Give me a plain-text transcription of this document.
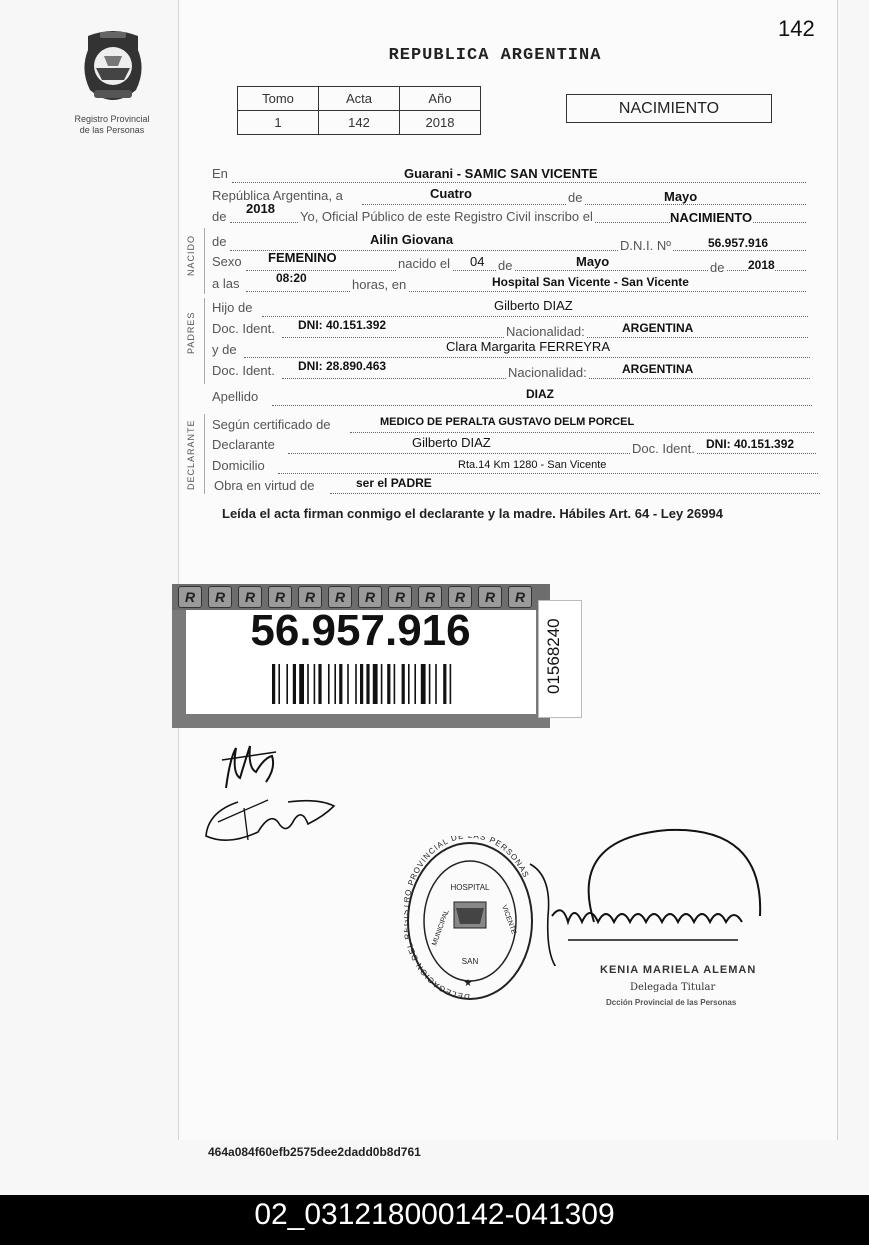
142
Registro Provincial
de las Personas
REPUBLICA ARGENTINA
Tomo	Acta	Año
1	142	2018
NACIMIENTO
NACIDO
PADRES
DECLARANTE
En	Guarani - SAMIC SAN VICENTE
República Argentina, a	Cuatro	de	Mayo
de
2018
Yo, Oficial Público de este Registro Civil inscribo el	NACIMIENTO
de	Ailin Giovana	D.N.I. Nº	56.957.916
Sexo FEMENINO	nacido el 04 de	Mayo	de 2018
a las	08:20	horas, en	Hospital San Vicente - San Vicente
Hijo de	Gilberto DIAZ
Doc. Ident. DNI: 40.151.392	Nacionalidad:	ARGENTINA
y de	Clara Margarita FERREYRA
Doc. Ident. DNI: 28.890.463	Nacionalidad:	ARGENTINA
Apellido	DIAZ
Según certificado de	MEDICO DE PERALTA GUSTAVO DELM PORCEL
Declarante	Gilberto DIAZ	Doc. Ident. DNI: 40.151.392
Domicilio	Rta.14 Km 1280 - San Vicente
Obra en virtud de	ser el PADRE
Leída el acta firman conmigo el declarante y la madre. Hábiles Art. 64 - Ley 26994
R	R	R	R	R	R	R	R	R	R	R	R
56.957.916	01568240
DELEGACION DEL O PROVINCIAL DE S PERSONAS
HOSPITAL
MUNICIPAL	VICENTE
SAN
★
KENIA MARIELA ALEMAN
Delegada Titular
Dcción Provincial de las Personas
464a084f60efb2575dee2dadd0b8d761
02_031218000142-041309
